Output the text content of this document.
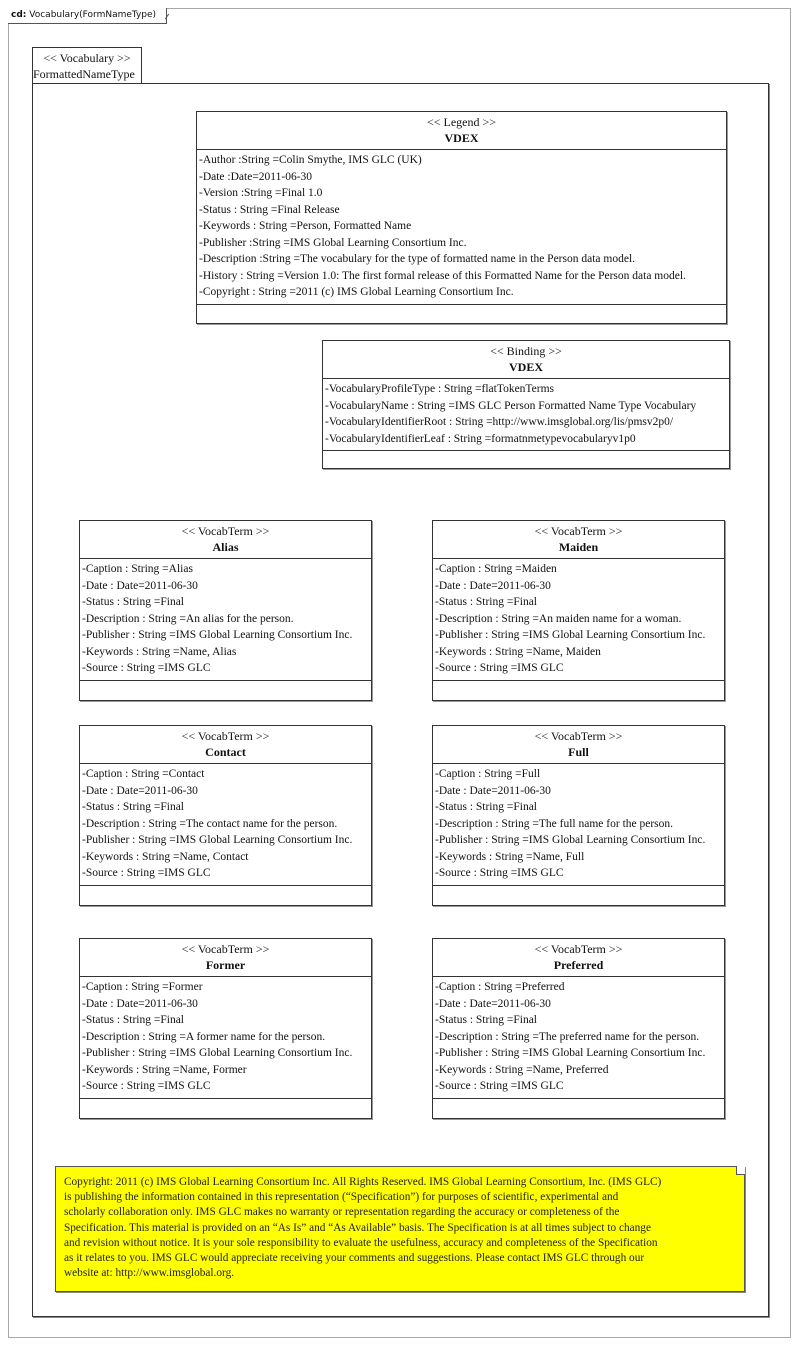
cd: Vocabulary(FormNameType)
<< Vocabulary >>
FormattedNameType
<< Legend >>
VDEX
-Author :String =Colin Smythe, IMS GLC (UK)
-Date :Date=2011-06-30
-Version :String =Final 1.0
-Status : String =Final Release
-Keywords : String =Person, Formatted Name
-Publisher :String =IMS Global Learning Consortium Inc.
-Description :String =The vocabulary for the type of formatted name in the Person data model.
-History : String =Version 1.0: The first formal release of this Formatted Name for the Person data model.
-Copyright : String =2011 (c) IMS Global Learning Consortium Inc.
<< Binding >>
VDEX
-VocabularyProfileType : String =flatTokenTerms
-VocabularyName : String =IMS GLC Person Formatted Name Type Vocabulary
-VocabularyIdentifierRoot : String =http://www.imsglobal.org/lis/pmsv2p0/
-VocabularyIdentifierLeaf : String =formatnmetypevocabularyv1p0
<< VocabTerm >>
Alias
-Caption : String =Alias
-Date : Date=2011-06-30
-Status : String =Final
-Description : String =An alias for the person.
-Publisher : String =IMS Global Learning Consortium Inc.
-Keywords : String =Name, Alias
-Source : String =IMS GLC
<< VocabTerm >>
Maiden
-Caption : String =Maiden
-Date : Date=2011-06-30
-Status : String =Final
-Description : String =An maiden name for a woman.
-Publisher : String =IMS Global Learning Consortium Inc.
-Keywords : String =Name, Maiden
-Source : String =IMS GLC
<< VocabTerm >>
Contact
-Caption : String =Contact
-Date : Date=2011-06-30
-Status : String =Final
-Description : String =The contact name for the person.
-Publisher : String =IMS Global Learning Consortium Inc.
-Keywords : String =Name, Contact
-Source : String =IMS GLC
<< VocabTerm >>
Full
-Caption : String =Full
-Date : Date=2011-06-30
-Status : String =Final
-Description : String =The full name for the person.
-Publisher : String =IMS Global Learning Consortium Inc.
-Keywords : String =Name, Full
-Source : String =IMS GLC
<< VocabTerm >>
Former
-Caption : String =Former
-Date : Date=2011-06-30
-Status : String =Final
-Description : String =A former name for the person.
-Publisher : String =IMS Global Learning Consortium Inc.
-Keywords : String =Name, Former
-Source : String =IMS GLC
<< VocabTerm >>
Preferred
-Caption : String =Preferred
-Date : Date=2011-06-30
-Status : String =Final
-Description : String =The preferred name for the person.
-Publisher : String =IMS Global Learning Consortium Inc.
-Keywords : String =Name, Preferred
-Source : String =IMS GLC
Copyright: 2011 (c) IMS Global Learning Consortium Inc. All Rights Reserved. IMS Global Learning Consortium, Inc. (IMS GLC)
is publishing the information contained in this representation (“Specification”) for purposes of scientific, experimental and
scholarly collaboration only. IMS GLC makes no warranty or representation regarding the accuracy or completeness of the
Specification. This material is provided on an “As Is” and “As Available” basis. The Specification is at all times subject to change
and revision without notice. It is your sole responsibility to evaluate the usefulness, accuracy and completeness of the Specification
as it relates to you. IMS GLC would appreciate receiving your comments and suggestions. Please contact IMS GLC through our
website at: http://www.imsglobal.org.
